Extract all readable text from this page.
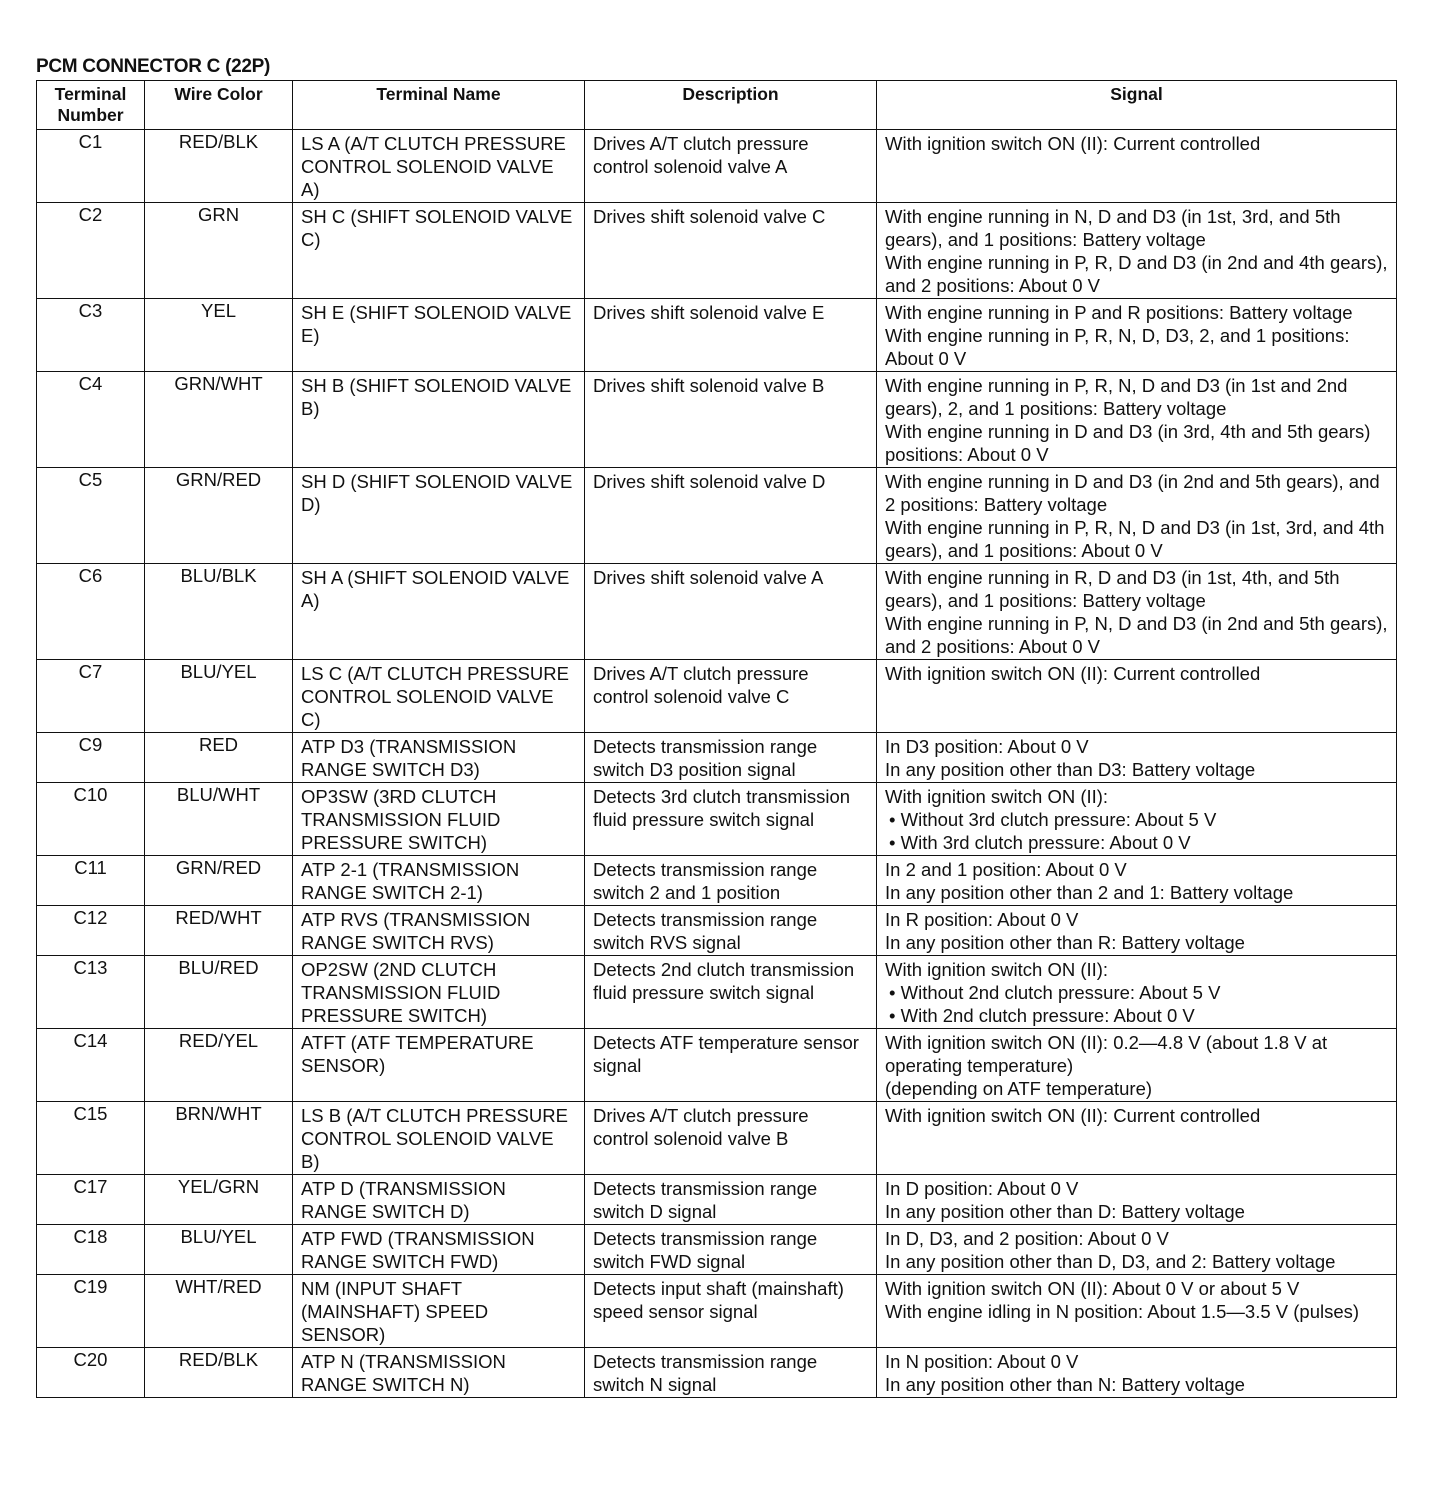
PCM CONNECTOR C (22P)
Terminal Number	Wire Color	Terminal Name	Description	Signal
C1	RED/BLK	LS A (A/T CLUTCH PRESSURE CONTROL SOLENOID VALVE A)	Drives A/T clutch pressure control solenoid valve A	With ignition switch ON (II): Current controlled

C2	GRN	SH C (SHIFT SOLENOID VALVE C)	Drives shift solenoid valve C	With engine running in N, D and D3 (in 1st, 3rd, and 5th gears), and 1 positions: Battery voltage
With engine running in P, R, D and D3 (in 2nd and 4th gears), and 2 positions: About 0 V

C3	YEL	SH E (SHIFT SOLENOID VALVE E)	Drives shift solenoid valve E	With engine running in P and R positions: Battery voltage
With engine running in P, R, N, D, D3, 2, and 1 positions: About 0 V

C4	GRN/WHT	SH B (SHIFT SOLENOID VALVE B)	Drives shift solenoid valve B	With engine running in P, R, N, D and D3 (in 1st and 2nd gears), 2, and 1 positions: Battery voltage
With engine running in D and D3 (in 3rd, 4th and 5th gears) positions: About 0 V

C5	GRN/RED	SH D (SHIFT SOLENOID VALVE D)	Drives shift solenoid valve D	With engine running in D and D3 (in 2nd and 5th gears), and 2 positions: Battery voltage
With engine running in P, R, N, D and D3 (in 1st, 3rd, and 4th gears), and 1 positions: About 0 V

C6	BLU/BLK	SH A (SHIFT SOLENOID VALVE A)	Drives shift solenoid valve A	With engine running in R, D and D3 (in 1st, 4th, and 5th gears), and 1 positions: Battery voltage
With engine running in P, N, D and D3 (in 2nd and 5th gears), and 2 positions: About 0 V

C7	BLU/YEL	LS C (A/T CLUTCH PRESSURE CONTROL SOLENOID VALVE C)	Drives A/T clutch pressure control solenoid valve C	With ignition switch ON (II): Current controlled

C9	RED	ATP D3 (TRANSMISSION RANGE SWITCH D3)	Detects transmission range switch D3 position signal	In D3 position: About 0 V
In any position other than D3: Battery voltage

C10	BLU/WHT	OP3SW (3RD CLUTCH TRANSMISSION FLUID PRESSURE SWITCH)	Detects 3rd clutch transmission fluid pressure switch signal	With ignition switch ON (II):
• Without 3rd clutch pressure: About 5 V
• With 3rd clutch pressure: About 0 V

C11	GRN/RED	ATP 2-1 (TRANSMISSION RANGE SWITCH 2-1)	Detects transmission range switch 2 and 1 position	In 2 and 1 position: About 0 V
In any position other than 2 and 1: Battery voltage

C12	RED/WHT	ATP RVS (TRANSMISSION RANGE SWITCH RVS)	Detects transmission range switch RVS signal	In R position: About 0 V
In any position other than R: Battery voltage

C13	BLU/RED	OP2SW (2ND CLUTCH TRANSMISSION FLUID PRESSURE SWITCH)	Detects 2nd clutch transmission fluid pressure switch signal	With ignition switch ON (II):
• Without 2nd clutch pressure: About 5 V
• With 2nd clutch pressure: About 0 V

C14	RED/YEL	ATFT (ATF TEMPERATURE SENSOR)	Detects ATF temperature sensor signal	With ignition switch ON (II): 0.2—4.8 V (about 1.8 V at operating temperature)
(depending on ATF temperature)

C15	BRN/WHT	LS B (A/T CLUTCH PRESSURE CONTROL SOLENOID VALVE B)	Drives A/T clutch pressure control solenoid valve B	With ignition switch ON (II): Current controlled

C17	YEL/GRN	ATP D (TRANSMISSION RANGE SWITCH D)	Detects transmission range switch D signal	In D position: About 0 V
In any position other than D: Battery voltage

C18	BLU/YEL	ATP FWD (TRANSMISSION RANGE SWITCH FWD)	Detects transmission range switch FWD signal	In D, D3, and 2 position: About 0 V
In any position other than D, D3, and 2: Battery voltage

C19	WHT/RED	NM (INPUT SHAFT (MAINSHAFT) SPEED SENSOR)	Detects input shaft (mainshaft) speed sensor signal	With ignition switch ON (II): About 0 V or about 5 V
With engine idling in N position: About 1.5—3.5 V (pulses)

C20	RED/BLK	ATP N (TRANSMISSION RANGE SWITCH N)	Detects transmission range switch N signal	In N position: About 0 V
In any position other than N: Battery voltage
